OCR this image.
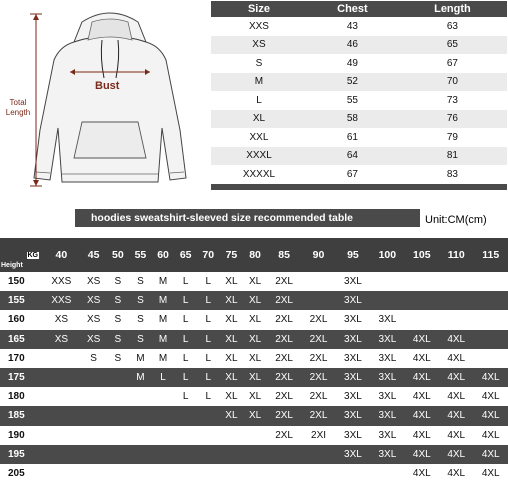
Bust
Total Length
Size	Chest	Length
XXS	43	63
XS	46	65
S	49	67
M	52	70
L	55	73
XL	58	76
XXL	61	79
XXXL	64	81
XXXXL	67	83

hoodies sweatshirt-sleeved size recommended table	Unit:CM(cm)
KG
Height	40	45	50	55	60	65	70	75	80	85	90	95	100	105	110	115
150	XXS	XS	S	S	M	L	L	XL	XL	2XL		3XL				
155	XXS	XS	S	S	M	L	L	XL	XL	2XL		3XL				
160	XS	XS	S	S	M	L	L	XL	XL	2XL	2XL	3XL	3XL			
165	XS	XS	S	S	M	L	L	XL	XL	2XL	2XL	3XL	3XL	4XL	4XL	
170		S	S	M	M	L	L	XL	XL	2XL	2XL	3XL	3XL	4XL	4XL	
175				M	L	L	L	XL	XL	2XL	2XL	3XL	3XL	4XL	4XL	4XL
180						L	L	XL	XL	2XL	2XL	3XL	3XL	4XL	4XL	4XL
185								XL	XL	2XL	2XL	3XL	3XL	4XL	4XL	4XL
190										2XL	2XI	3XL	3XL	4XL	4XL	4XL
195												3XL	3XL	4XL	4XL	4XL
205														4XL	4XL	4XL
